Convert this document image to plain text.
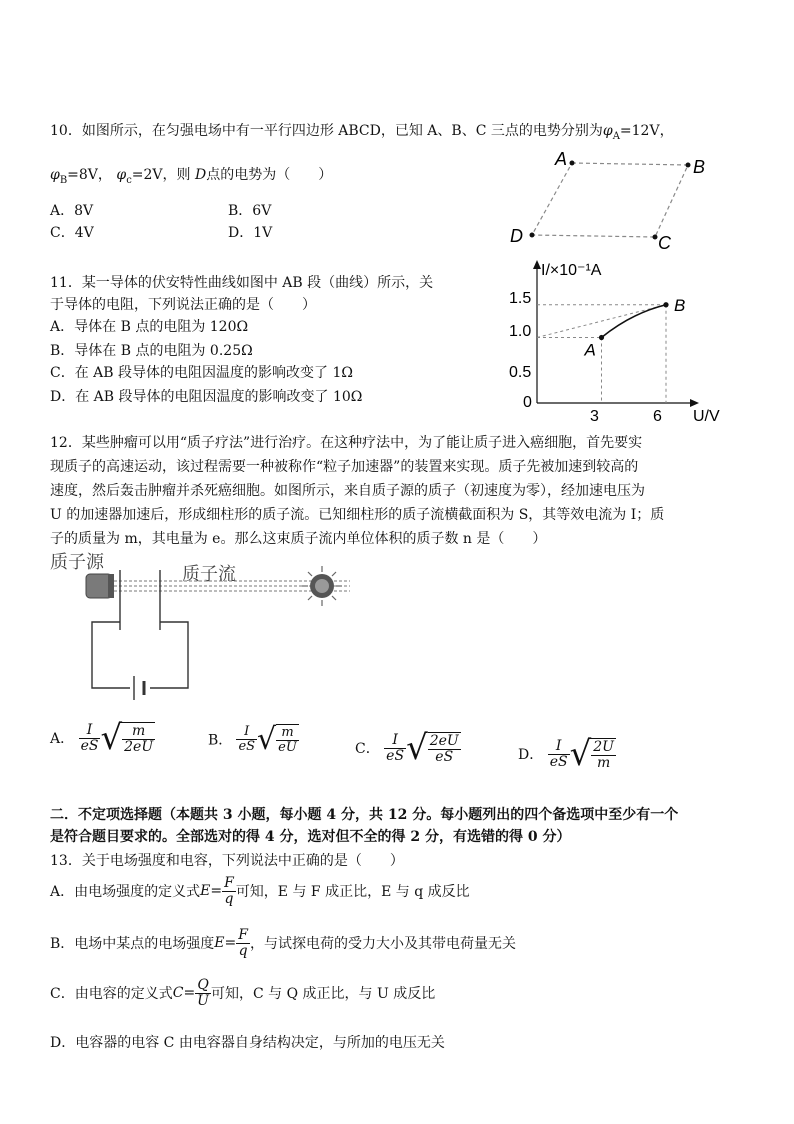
10．如图所示，在匀强电场中有一平行四边形 ABCD，已知 A、B、C 三点的电势分别为$\varphi_A=12V$，
$\varphi_B=8V$， $\varphi_c=2V$，则 D点的电势为（　　）
A．8V	B．6V
C．4V	D．1V
A	B
C
D
11．某一导体的伏安特性曲线如图中 AB 段（曲线）所示，关
于导体的电阻，下列说法正确的是（　　）
A．导体在 B 点的电阻为 120Ω
B．导体在 B 点的电阻为 0.25Ω
C．在 AB 段导体的电阻因温度的影响改变了 1Ω
D．在 AB 段导体的电阻因温度的影响改变了 10Ω
I/×10⁻¹A
U/V
0
3	6
1.5
1.0
0.5
A
B
12．某些肿瘤可以用“质子疗法”进行治疗。在这种疗法中，为了能让质子进入癌细胞，首先要实
现质子的高速运动，该过程需要一种被称作“粒子加速器”的装置来实现。质子先被加速到较高的
速度，然后轰击肿瘤并杀死癌细胞。如图所示，来自质子源的质子（初速度为零），经加速电压为
U 的加速器加速后，形成细柱形的质子流。已知细柱形的质子流横截面积为 S，其等效电流为 I；质
子的质量为 m，其电量为 e。那么这束质子流内单位体积的质子数 n 是（　　）
质子源
质子流
A． $\frac{I}{eS}$ √ $\frac{m}{2eU}$	B． $\frac{I}{eS}$ √ $\frac{m}{eU}$	C． $\frac{I}{eS}$ √ $\frac{2eU}{eS}$	D． $\frac{I}{eS}$ √ $\frac{2U}{m}$
二．不定项选择题（本题共 3 小题，每小题 4 分，共 12 分。每小题列出的四个备选项中至少有一个
是符合题目要求的。全部选对的得 4 分，选对但不全的得 2 分，有选错的得 0 分）
13．关于电场强度和电容，下列说法中正确的是（　　）
A．由电场强度的定义式$E= \frac{F}{q}$ 可知，E 与 F 成正比，E 与 q 成反比
B．电场中某点的电场强度$E= \frac{F}{q}$ ，与试探电荷的受力大小及其带电荷量无关
C．由电容的定义式$C= \frac{Q}{U}$ 可知，C 与 Q 成正比，与 U 成反比
D．电容器的电容 C 由电容器自身结构决定，与所加的电压无关
